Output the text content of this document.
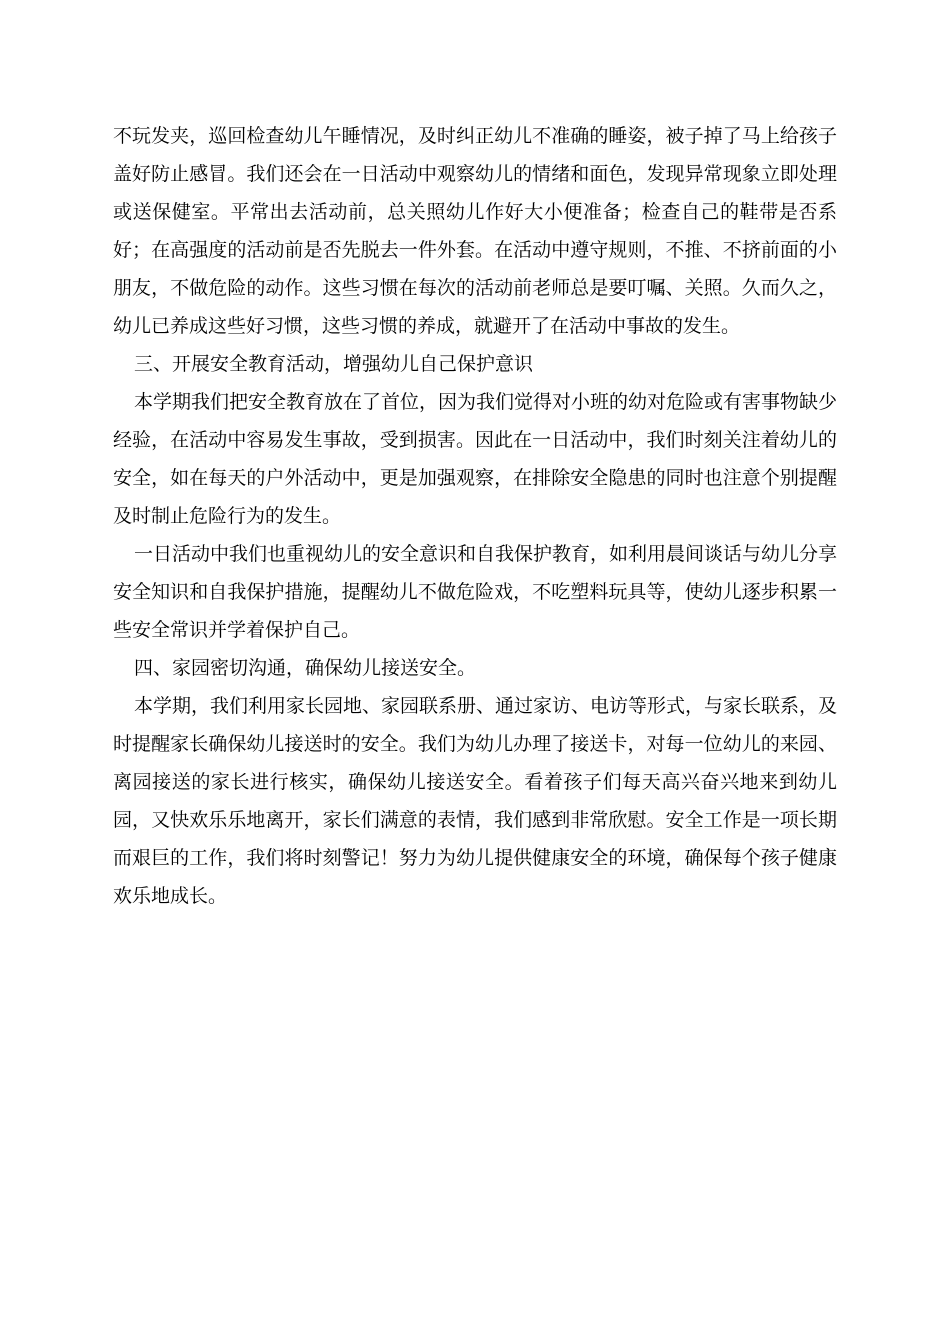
不玩发夹，巡回检查幼儿午睡情况，及时纠正幼儿不准确的睡姿，被子掉了马上给孩子盖好防止感冒。我们还会在一日活动中观察幼儿的情绪和面色，发现异常现象立即处理或送保健室。平常出去活动前，总关照幼儿作好大小便准备；检查自己的鞋带是否系好；在高强度的活动前是否先脱去一件外套。在活动中遵守规则，不推、不挤前面的小朋友，不做危险的动作。这些习惯在每次的活动前老师总是要叮嘱、关照。久而久之，幼儿已养成这些好习惯，这些习惯的养成，就避开了在活动中事故的发生。

三、开展安全教育活动，增强幼儿自己保护意识

本学期我们把安全教育放在了首位，因为我们觉得对小班的幼对危险或有害事物缺少经验，在活动中容易发生事故，受到损害。因此在一日活动中，我们时刻关注着幼儿的安全，如在每天的户外活动中，更是加强观察，在排除安全隐患的同时也注意个别提醒及时制止危险行为的发生。

一日活动中我们也重视幼儿的安全意识和自我保护教育，如利用晨间谈话与幼儿分享安全知识和自我保护措施，提醒幼儿不做危险戏，不吃塑料玩具等，使幼儿逐步积累一些安全常识并学着保护自己。

四、家园密切沟通，确保幼儿接送安全。

本学期，我们利用家长园地、家园联系册、通过家访、电访等形式，与家长联系，及时提醒家长确保幼儿接送时的安全。我们为幼儿办理了接送卡，对每一位幼儿的来园、离园接送的家长进行核实，确保幼儿接送安全。看着孩子们每天高兴奋兴地来到幼儿园，又快欢乐乐地离开，家长们满意的表情，我们感到非常欣慰。安全工作是一项长期而艰巨的工作，我们将时刻警记！努力为幼儿提供健康安全的环境，确保每个孩子健康欢乐地成长。
